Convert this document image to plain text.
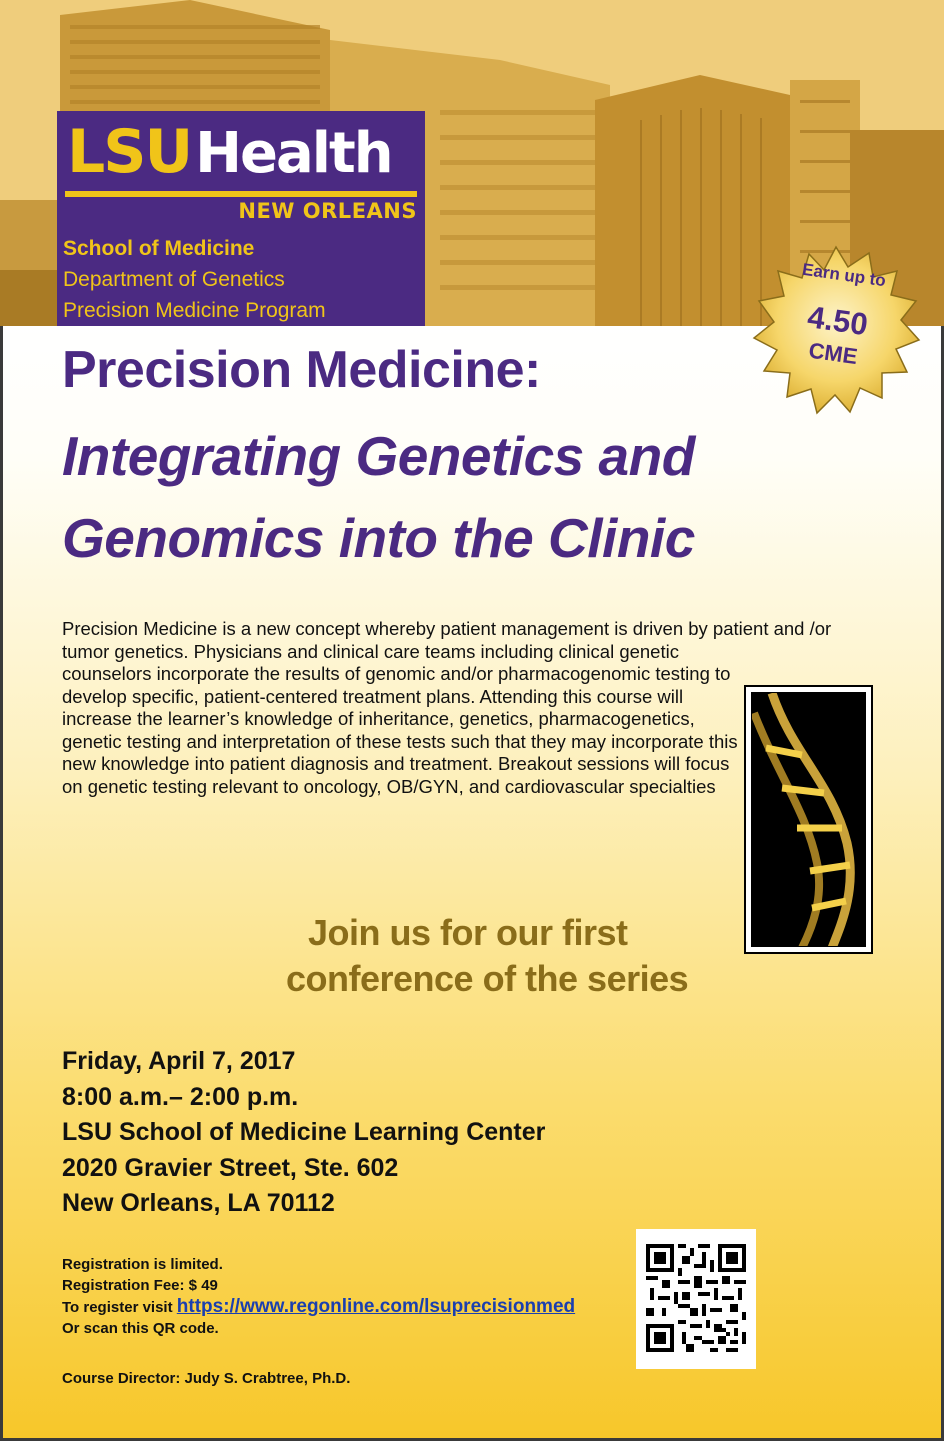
LSUHealth
NEW ORLEANS
School of Medicine
Department of Genetics
Precision Medicine Program
Earn up to
4.50
CME
Precision Medicine:
Integrating Genetics and
Genomics into the Clinic
Precision Medicine is a new concept whereby patient management is driven by patient and /or tumor genetics. Physicians and clinical care teams including clinical genetic
counselors incorporate the results of genomic and/or pharmacogenomic testing to develop specific, patient-centered treatment plans. Attending this course will increase the learner’s knowledge of inheritance, genetics, pharmacogenetics, genetic testing and interpretation of these tests such that they may incorporate this new knowledge into patient diagnosis and treatment. Breakout sessions will focus on genetic testing relevant to oncology, OB/GYN, and cardiovascular specialties
Join us for our first
conference of the series
Friday, April 7, 2017
8:00 a.m.– 2:00 p.m.
LSU School of Medicine Learning Center
2020 Gravier Street, Ste. 602
New Orleans, LA 70112
Registration is limited.
Registration Fee: $ 49
To register visit https://www.regonline.com/lsuprecisionmed
Or scan this QR code.
Course Director: Judy S. Crabtree, Ph.D.
